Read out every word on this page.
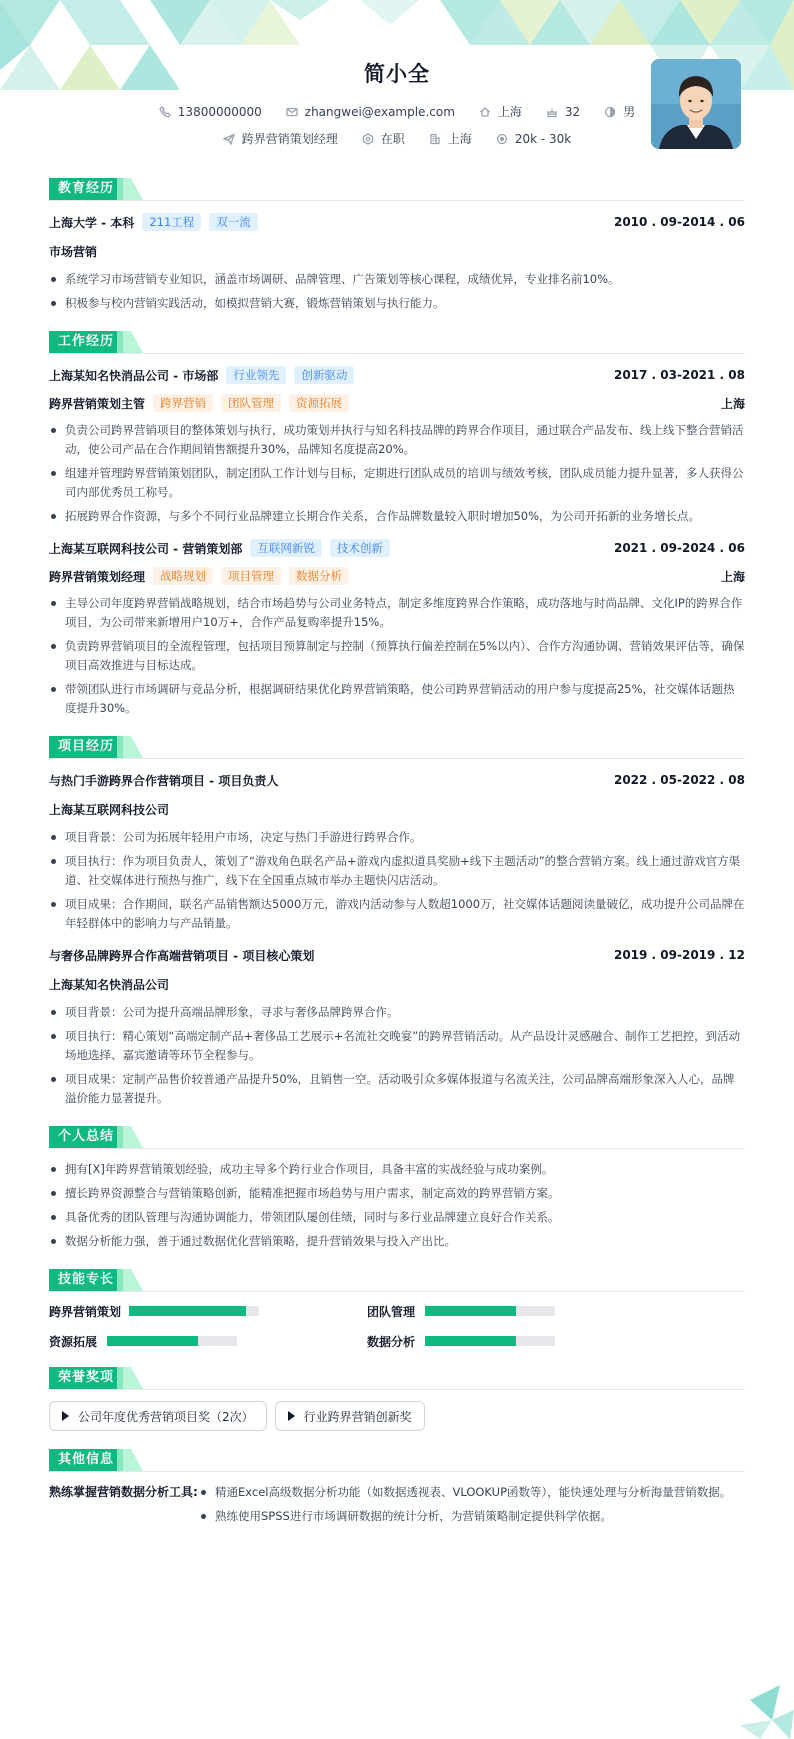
简小全
13800000000	zhangwei@example.com	上海	32	男
跨界营销策划经理	在职	上海	20k - 30k
教育经历
上海大学 - 本科	211工程	双一流	2010 . 09-2014 . 06
市场营销
系统学习市场营销专业知识，涵盖市场调研、品牌管理、广告策划等核心课程，成绩优异，专业排名前10%。
积极参与校内营销实践活动，如模拟营销大赛，锻炼营销策划与执行能力。
工作经历
上海某知名快消品公司 - 市场部	行业领先	创新驱动	2017 . 03-2021 . 08
跨界营销策划主管	跨界营销	团队管理	资源拓展	上海
负责公司跨界营销项目的整体策划与执行，成功策划并执行与知名科技品牌的跨界合作项目，通过联合产品发布、线上线下整合营销活动，使公司产品在合作期间销售额提升30%，品牌知名度提高20%。
组建并管理跨界营销策划团队，制定团队工作计划与目标，定期进行团队成员的培训与绩效考核，团队成员能力提升显著，多人获得公司内部优秀员工称号。
拓展跨界合作资源，与多个不同行业品牌建立长期合作关系，合作品牌数量较入职时增加50%，为公司开拓新的业务增长点。
上海某互联网科技公司 - 营销策划部	互联网新锐	技术创新	2021 . 09-2024 . 06
跨界营销策划经理	战略规划	项目管理	数据分析	上海
主导公司年度跨界营销战略规划，结合市场趋势与公司业务特点，制定多维度跨界合作策略，成功落地与时尚品牌、文化IP的跨界合作项目，为公司带来新增用户10万+，合作产品复购率提升15%。
负责跨界营销项目的全流程管理，包括项目预算制定与控制（预算执行偏差控制在5%以内）、合作方沟通协调、营销效果评估等，确保项目高效推进与目标达成。
带领团队进行市场调研与竞品分析，根据调研结果优化跨界营销策略，使公司跨界营销活动的用户参与度提高25%，社交媒体话题热度提升30%。
项目经历
与热门手游跨界合作营销项目 - 项目负责人	2022 . 05-2022 . 08
上海某互联网科技公司
项目背景：公司为拓展年轻用户市场，决定与热门手游进行跨界合作。
项目执行：作为项目负责人，策划了“游戏角色联名产品+游戏内虚拟道具奖励+线下主题活动”的整合营销方案。线上通过游戏官方渠道、社交媒体进行预热与推广，线下在全国重点城市举办主题快闪店活动。
项目成果：合作期间，联名产品销售额达5000万元，游戏内活动参与人数超1000万，社交媒体话题阅读量破亿，成功提升公司品牌在年轻群体中的影响力与产品销量。
与奢侈品牌跨界合作高端营销项目 - 项目核心策划	2019 . 09-2019 . 12
上海某知名快消品公司
项目背景：公司为提升高端品牌形象，寻求与奢侈品牌跨界合作。
项目执行：精心策划“高端定制产品+奢侈品工艺展示+名流社交晚宴”的跨界营销活动。从产品设计灵感融合、制作工艺把控，到活动场地选择、嘉宾邀请等环节全程参与。
项目成果：定制产品售价较普通产品提升50%，且销售一空。活动吸引众多媒体报道与名流关注，公司品牌高端形象深入人心，品牌溢价能力显著提升。
个人总结
拥有[X]年跨界营销策划经验，成功主导多个跨行业合作项目，具备丰富的实战经验与成功案例。
擅长跨界资源整合与营销策略创新，能精准把握市场趋势与用户需求，制定高效的跨界营销方案。
具备优秀的团队管理与沟通协调能力，带领团队屡创佳绩，同时与多行业品牌建立良好合作关系。
数据分析能力强，善于通过数据优化营销策略，提升营销效果与投入产出比。
技能专长
跨界营销策划	团队管理
资源拓展	数据分析
荣誉奖项
公司年度优秀营销项目奖（2次）	行业跨界营销创新奖
其他信息
熟练掌握营销数据分析工具:	精通Excel高级数据分析功能（如数据透视表、VLOOKUP函数等），能快速处理与分析海量营销数据。
熟练使用SPSS进行市场调研数据的统计分析，为营销策略制定提供科学依据。
